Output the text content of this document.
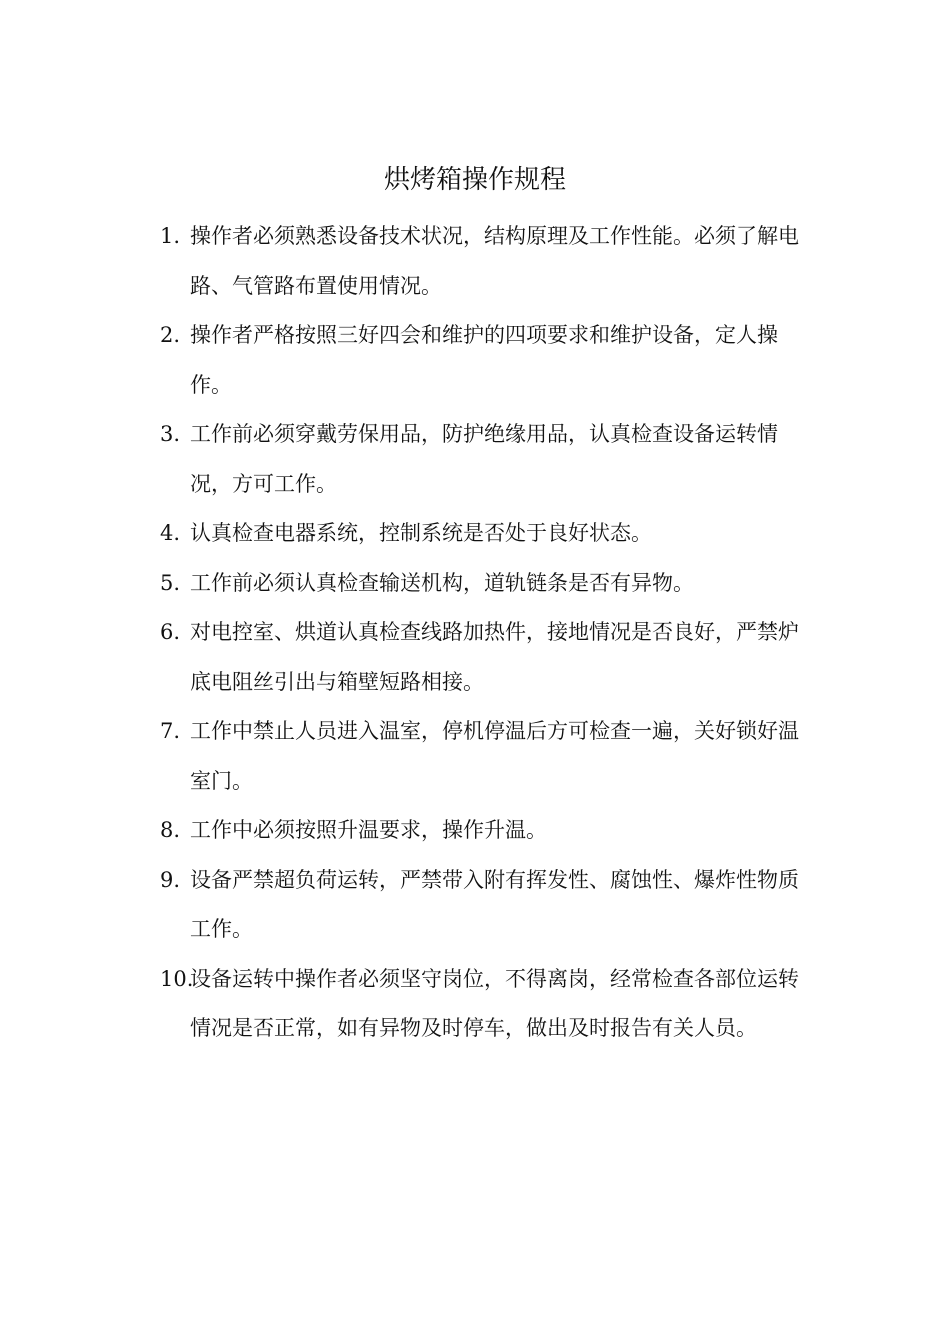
烘烤箱操作规程
1. 操作者必须熟悉设备技术状况，结构原理及工作性能。必须了解电路、气管路布置使用情况。
2. 操作者严格按照三好四会和维护的四项要求和维护设备，定人操作。
3. 工作前必须穿戴劳保用品，防护绝缘用品，认真检查设备运转情况，方可工作。
4. 认真检查电器系统，控制系统是否处于良好状态。
5. 工作前必须认真检查输送机构，道轨链条是否有异物。
6. 对电控室、烘道认真检查线路加热件，接地情况是否良好，严禁炉底电阻丝引出与箱壁短路相接。
7. 工作中禁止人员进入温室，停机停温后方可检查一遍，关好锁好温室门。
8. 工作中必须按照升温要求，操作升温。
9. 设备严禁超负荷运转，严禁带入附有挥发性、腐蚀性、爆炸性物质工作。
10.
设备运转中操作者必须坚守岗位，不得离岗，经常检查各部位运转情况是否正常，如有异物及时停车，做出及时报告有关人员。
